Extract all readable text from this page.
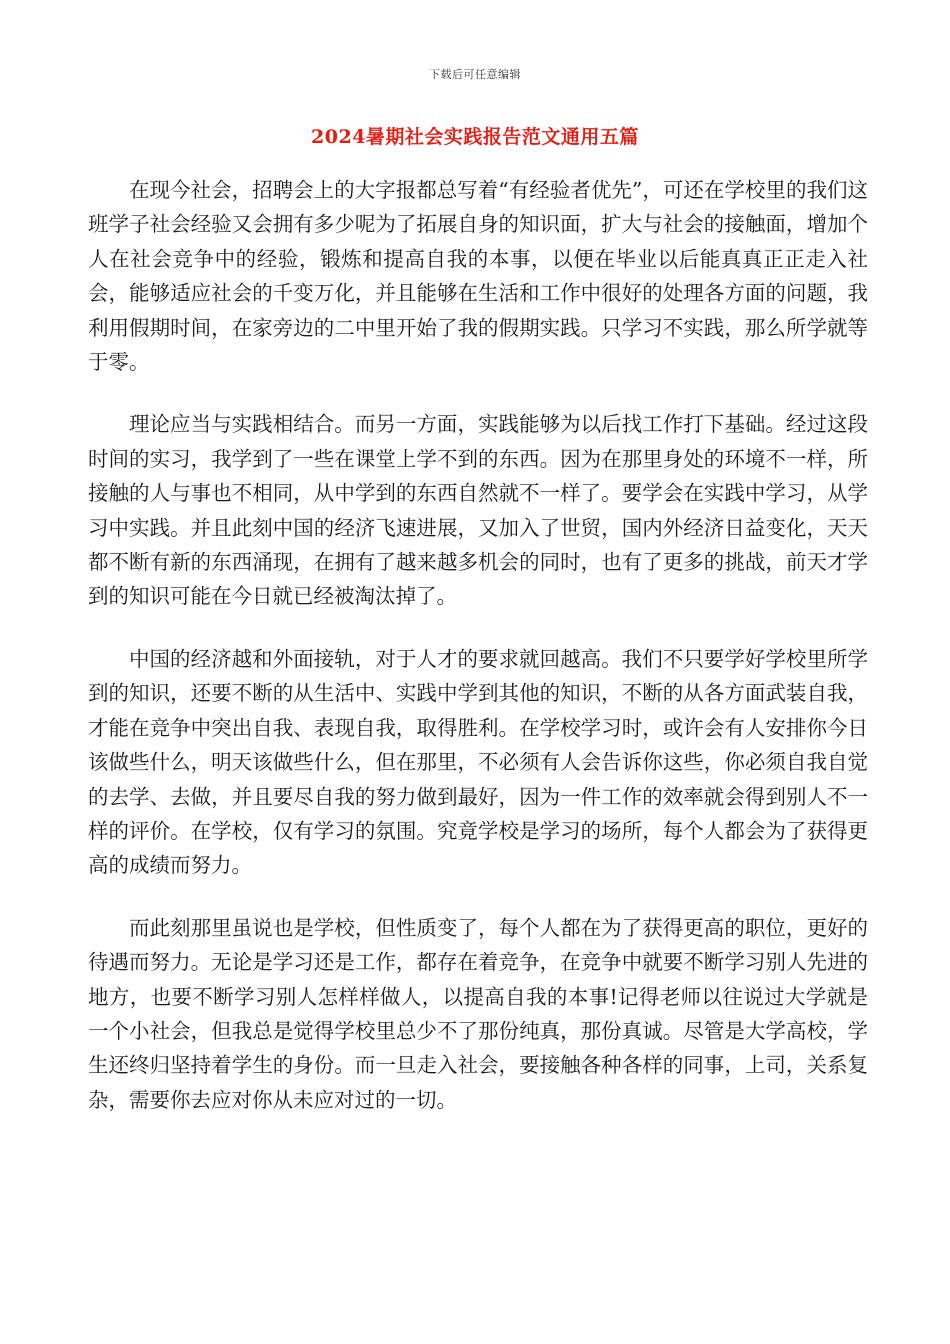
下载后可任意编辑
2024暑期社会实践报告范文通用五篇

在现今社会，招聘会上的大字报都总写着“有经验者优先”，可还在学校里的我们这班学子社会经验又会拥有多少呢为了拓展自身的知识面，扩大与社会的接触面，增加个人在社会竞争中的经验，锻炼和提高自我的本事，以便在毕业以后能真真正正走入社会，能够适应社会的千变万化，并且能够在生活和工作中很好的处理各方面的问题，我利用假期时间，在家旁边的二中里开始了我的假期实践。只学习不实践，那么所学就等于零。

理论应当与实践相结合。而另一方面，实践能够为以后找工作打下基础。经过这段时间的实习，我学到了一些在课堂上学不到的东西。因为在那里身处的环境不一样，所接触的人与事也不相同，从中学到的东西自然就不一样了。要学会在实践中学习，从学习中实践。并且此刻中国的经济飞速进展，又加入了世贸，国内外经济日益变化，天天都不断有新的东西涌现，在拥有了越来越多机会的同时，也有了更多的挑战，前天才学到的知识可能在今日就已经被淘汰掉了。

中国的经济越和外面接轨，对于人才的要求就回越高。我们不只要学好学校里所学到的知识，还要不断的从生活中、实践中学到其他的知识，不断的从各方面武装自我，才能在竞争中突出自我、表现自我，取得胜利。在学校学习时，或许会有人安排你今日该做些什么，明天该做些什么，但在那里，不必须有人会告诉你这些，你必须自我自觉的去学、去做，并且要尽自我的努力做到最好，因为一件工作的效率就会得到别人不一样的评价。在学校，仅有学习的氛围。究竟学校是学习的场所，每个人都会为了获得更高的成绩而努力。

而此刻那里虽说也是学校，但性质变了，每个人都在为了获得更高的职位，更好的待遇而努力。无论是学习还是工作，都存在着竞争，在竞争中就要不断学习别人先进的地方，也要不断学习别人怎样样做人，以提高自我的本事!记得老师以往说过大学就是一个小社会，但我总是觉得学校里总少不了那份纯真，那份真诚。尽管是大学高校，学生还终归坚持着学生的身份。而一旦走入社会，要接触各种各样的同事，上司，关系复杂，需要你去应对你从未应对过的一切。
